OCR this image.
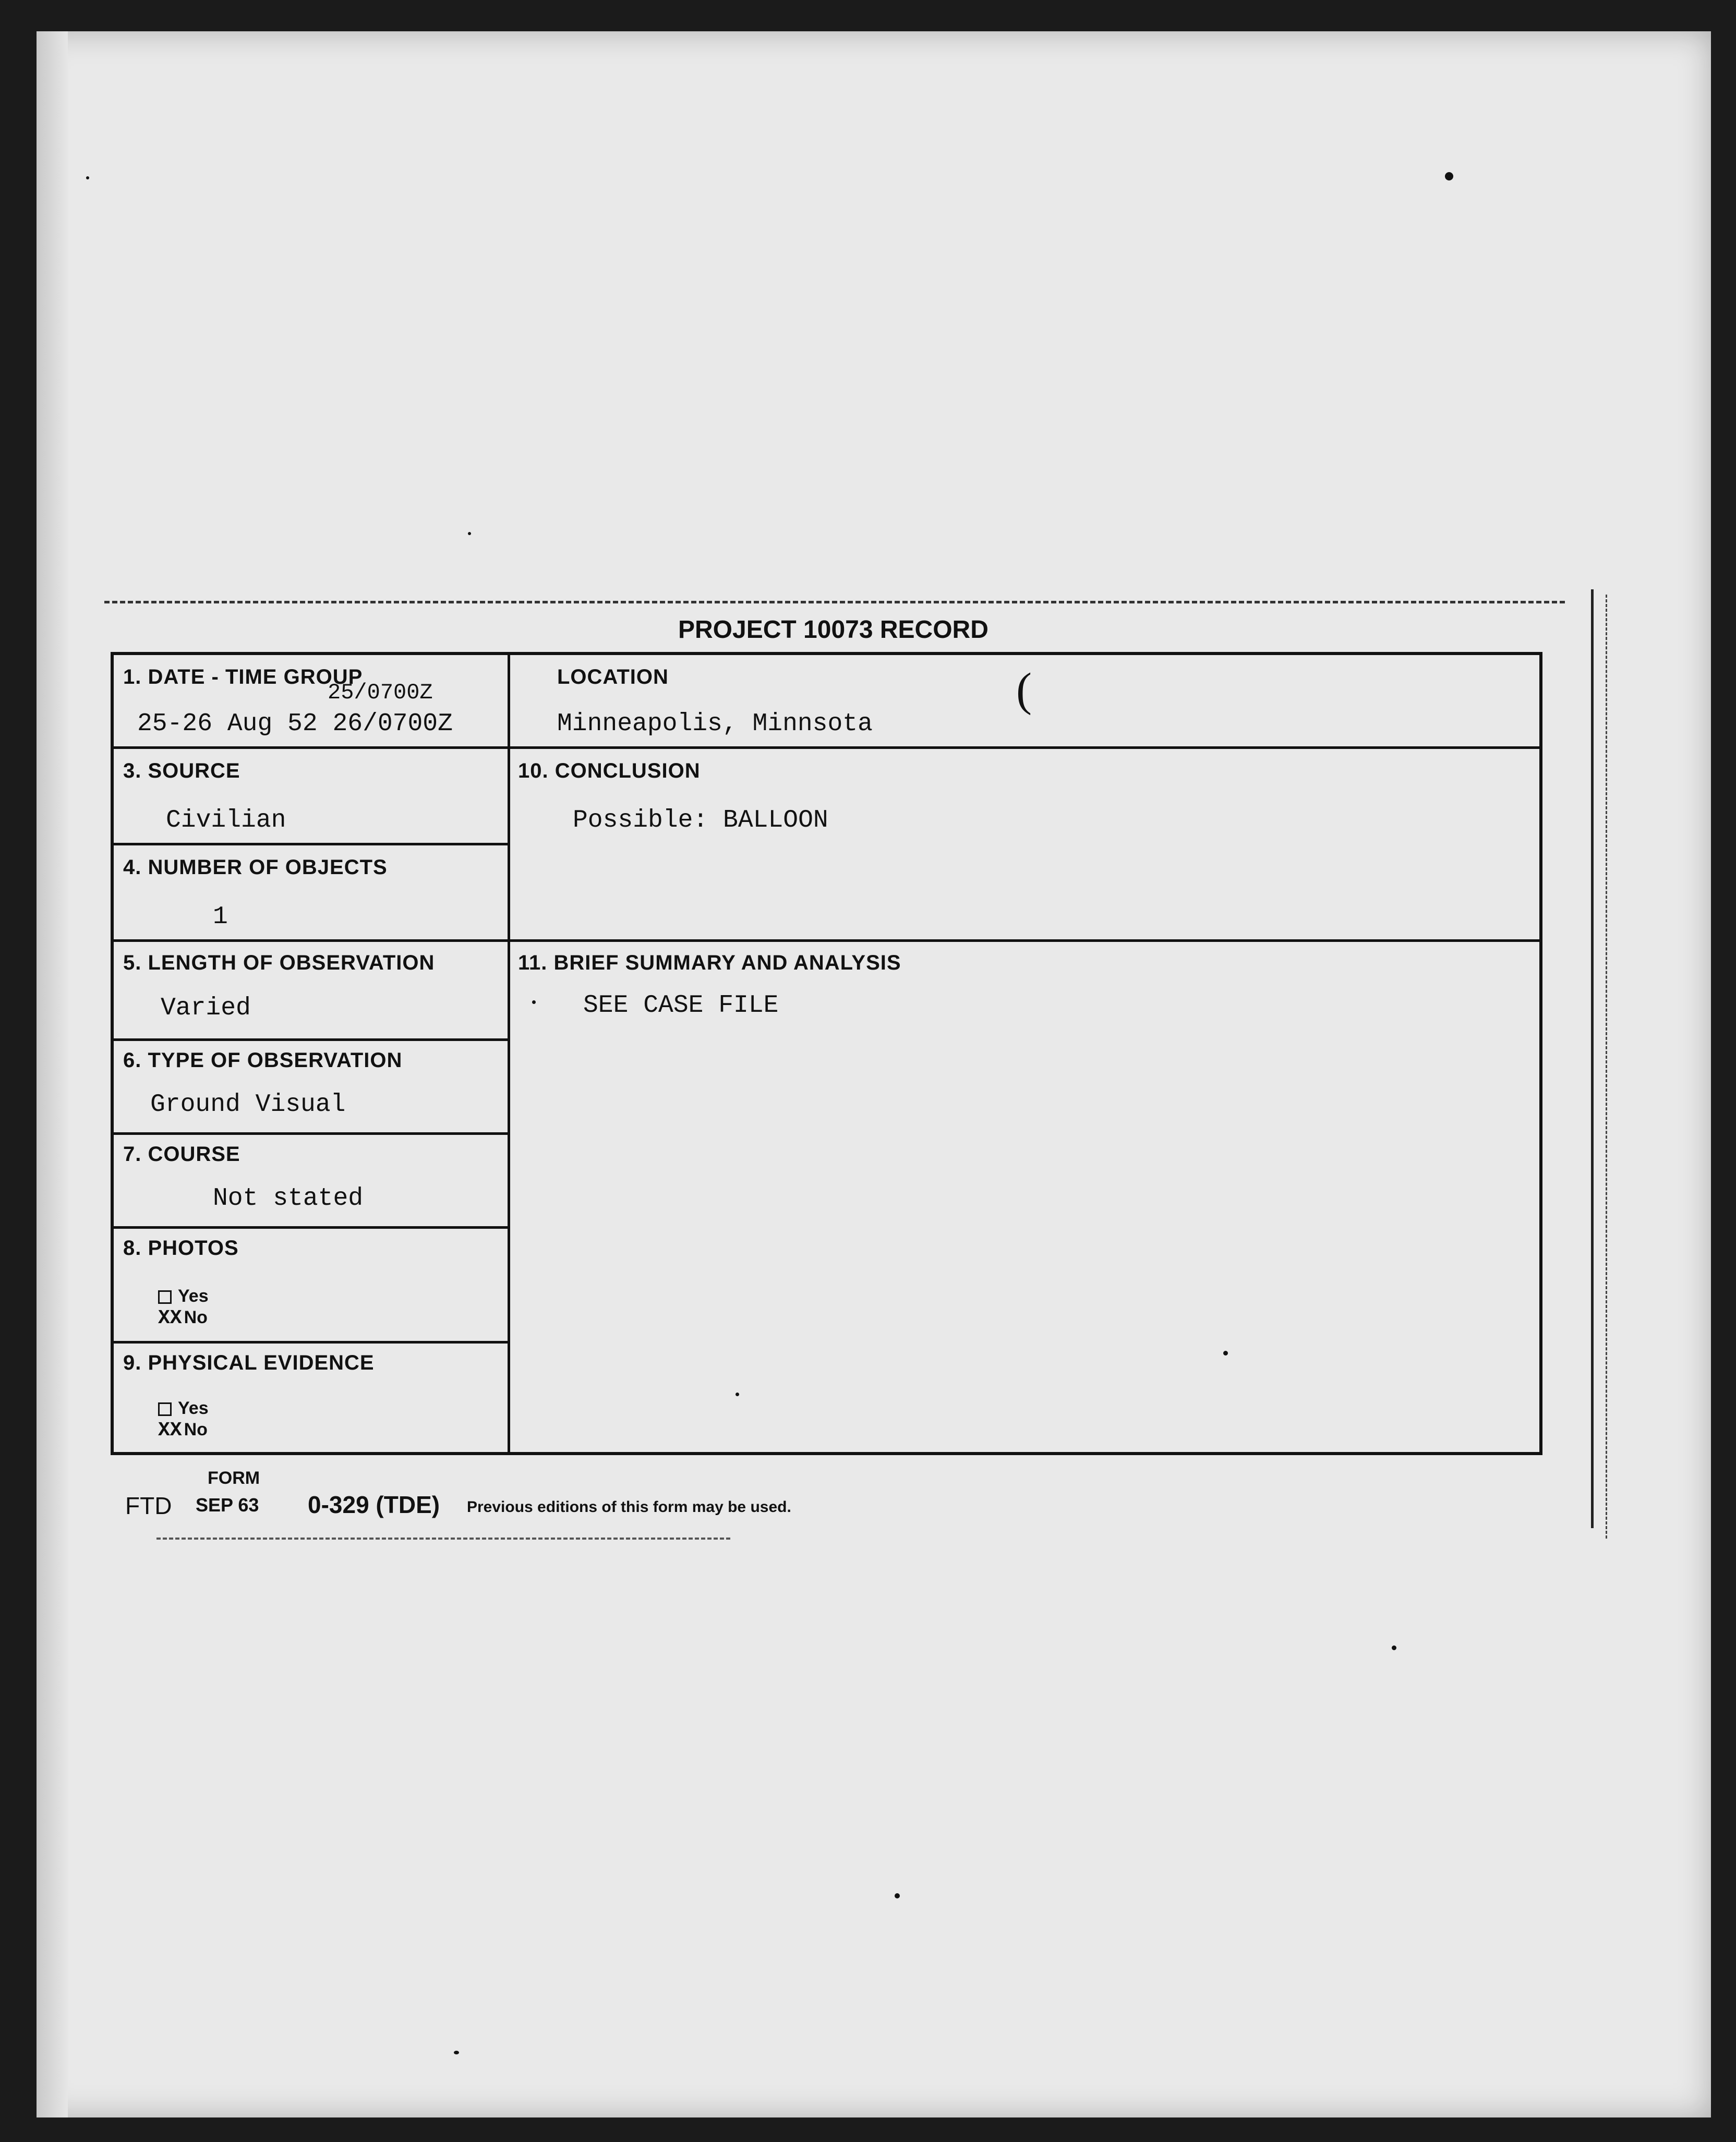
PROJECT 10073 RECORD
1. DATE - TIME GROUP
25/0700Z
25-26 Aug 52 26/0700Z
LOCATION
Minneapolis, Minnsota
(
3. SOURCE
Civilian
10. CONCLUSION
Possible: BALLOON
4. NUMBER OF OBJECTS
1
5. LENGTH OF OBSERVATION
Varied
11. BRIEF SUMMARY AND ANALYSIS
SEE CASE FILE
6. TYPE OF OBSERVATION
Ground Visual
7. COURSE
Not stated
8. PHOTOS
Yes
XX No
9. PHYSICAL EVIDENCE
Yes
XX No
FORM
FTD SEP 63 0-329 (TDE) Previous editions of this form may be used.
